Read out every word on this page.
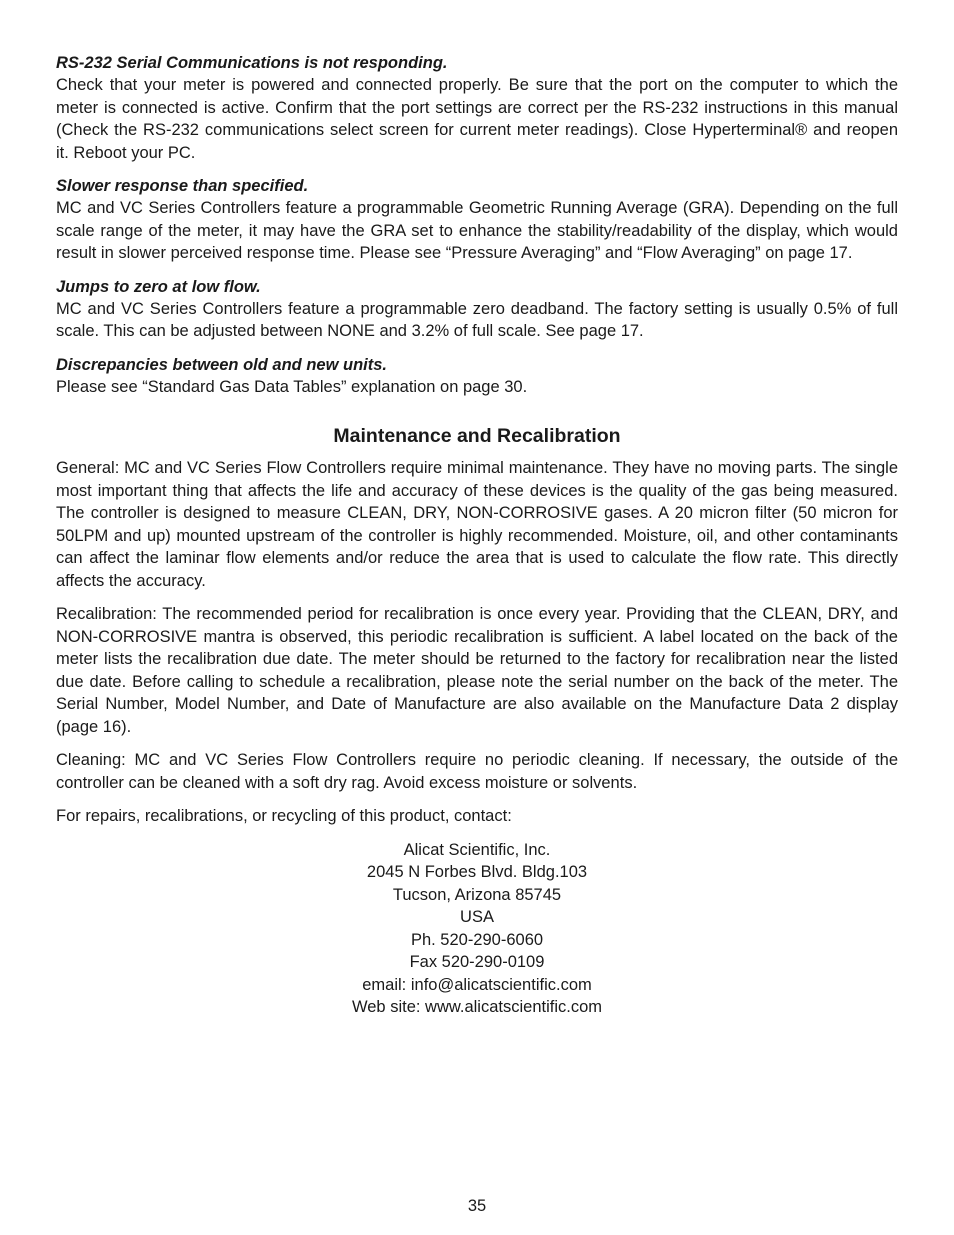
RS-232 Serial Communications is not responding.

Check that your meter is powered and connected properly. Be sure that the port on the computer to which the meter is connected is active. Confirm that the port settings are correct per the RS-232 instructions in this manual (Check the RS-232 communications select screen for current meter readings). Close Hyperterminal® and reopen it. Reboot your PC.

Slower response than specified.

MC and VC Series Controllers feature a programmable Geometric Running Average (GRA). Depending on the full scale range of the meter, it may have the GRA set to enhance the stability/readability of the display, which would result in slower perceived response time. Please see “Pressure Averaging” and “Flow Averaging” on page 17.

Jumps to zero at low flow.

MC and VC Series Controllers feature a programmable zero deadband. The factory setting is usually 0.5% of full scale. This can be adjusted between NONE and 3.2% of full scale. See page 17.

Discrepancies between old and new units.

Please see “Standard Gas Data Tables” explanation on page 30.

Maintenance and Recalibration

General: MC and VC Series Flow Controllers require minimal maintenance. They have no moving parts. The single most important thing that affects the life and accuracy of these devices is the quality of the gas being measured. The controller is designed to measure CLEAN, DRY, NON-CORROSIVE gases. A 20 micron filter (50 micron for 50LPM and up) mounted upstream of the controller is highly recommended. Moisture, oil, and other contaminants can affect the laminar flow elements and/or reduce the area that is used to calculate the flow rate. This directly affects the accuracy.

Recalibration: The recommended period for recalibration is once every year. Providing that the CLEAN, DRY, and NON-CORROSIVE mantra is observed, this periodic recalibration is sufficient. A label located on the back of the meter lists the recalibration due date. The meter should be returned to the factory for recalibration near the listed due date. Before calling to schedule a recalibration, please note the serial number on the back of the meter. The Serial Number, Model Number, and Date of Manufacture are also available on the Manufacture Data 2 display (page 16).

Cleaning: MC and VC Series Flow Controllers require no periodic cleaning. If necessary, the outside of the controller can be cleaned with a soft dry rag. Avoid excess moisture or solvents.

For repairs, recalibrations, or recycling of this product, contact:

Alicat Scientific, Inc.
2045 N Forbes Blvd. Bldg.103
Tucson, Arizona 85745
USA
Ph. 520-290-6060
Fax 520-290-0109
email: info@alicatscientific.com
Web site: www.alicatscientific.com
35
